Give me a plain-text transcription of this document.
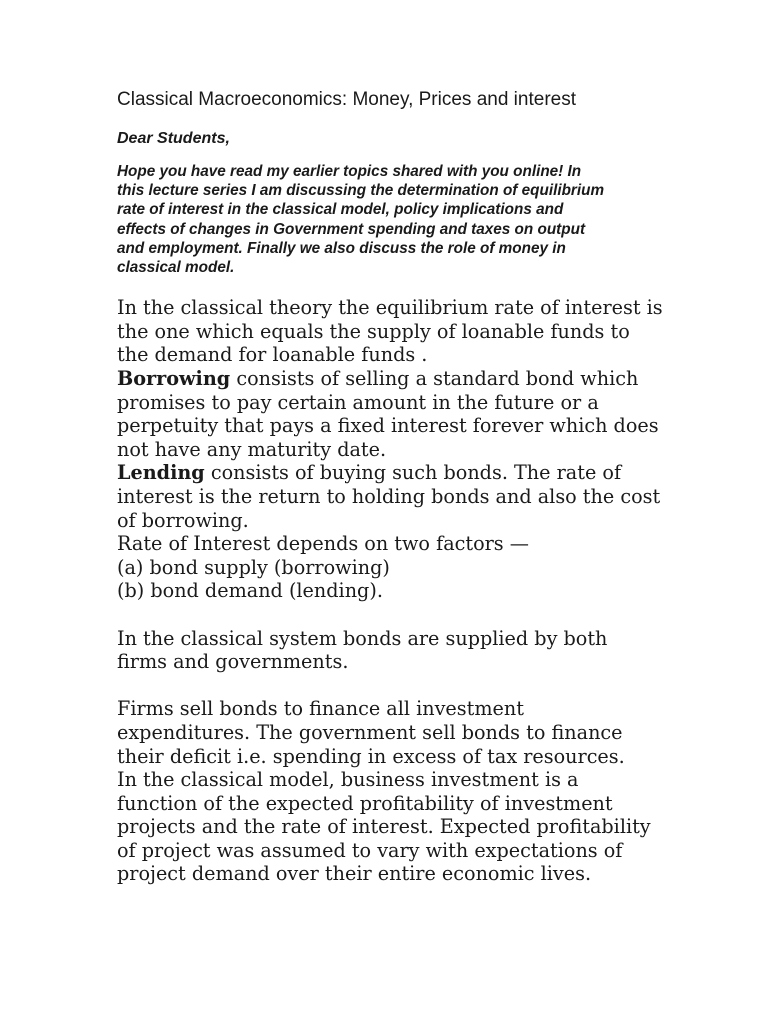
Classical Macroeconomics: Money, Prices and interest

Dear Students,

Hope you have read my earlier topics shared with you online! In
this lecture series I am discussing the determination of equilibrium
rate of interest in the classical model, policy implications and
effects of changes in Government spending and taxes on output
and employment. Finally we also discuss the role of money in
classical model.

In the classical theory the equilibrium rate of interest is
the one which equals the supply of loanable funds to
the demand for loanable funds .

Borrowing consists of selling a standard bond which
promises to pay certain amount in the future or a
perpetuity that pays a fixed interest forever which does
not have any maturity date.

Lending consists of buying such bonds. The rate of
interest is the return to holding bonds and also the cost
of borrowing.

Rate of Interest depends on two factors —
(a) bond supply (borrowing)
(b) bond demand (lending).

In the classical system bonds are supplied by both
firms and governments.

Firms sell bonds to finance all investment
expenditures. The government sell bonds to finance
their deficit i.e. spending in excess of tax resources.
In the classical model, business investment is a
function of the expected profitability of investment
projects and the rate of interest. Expected profitability
of project was assumed to vary with expectations of
project demand over their entire economic lives.
